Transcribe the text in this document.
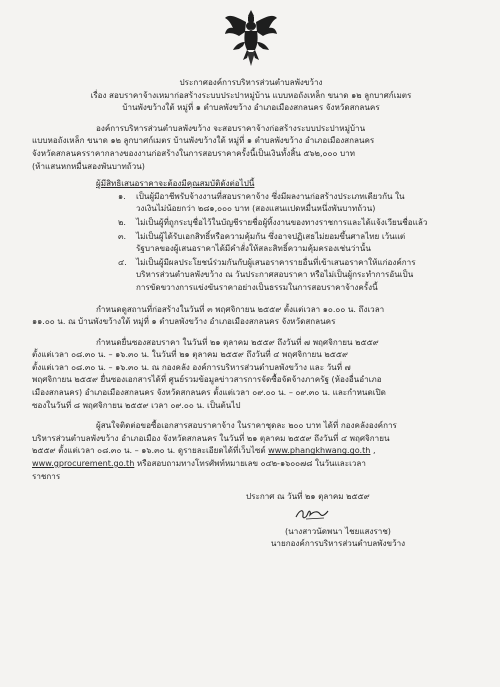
ประกาศองค์การบริหารส่วนตำบลพังขว้าง

เรื่อง สอบราคาจ้างเหมาก่อสร้างระบบประปาหมู่บ้าน แบบหอถังเหล็ก ขนาด ๑๒ ลูกบาศก์เมตร

บ้านพังขว้างใต้ หมู่ที่ ๑ ตำบลพังขว้าง อำเภอเมืองสกลนคร จังหวัดสกลนคร

องค์การบริหารส่วนตำบลพังขว้าง จะสอบราคาจ้างก่อสร้างระบบประปาหมู่บ้าน

แบบหอถังเหล็ก ขนาด ๑๒ ลูกบาศก์เมตร บ้านพังขว้างใต้ หมู่ที่ ๑ ตำบลพังขว้าง อำเภอเมืองสกลนคร

จังหวัดสกลนครราคากลางของงานก่อสร้างในการสอบราคาครั้งนี้เป็นเงินทั้งสิ้น ๕๖๒,๐๐๐ บาท

(ห้าแสนหกหมื่นสองพันบาทถ้วน)

ผู้มีสิทธิเสนอราคาจะต้องมีคุณสมบัติดังต่อไปนี้

๑. เป็นผู้มีอาชีพรับจ้างงานที่สอบราคาจ้าง ซึ่งมีผลงานก่อสร้างประเภทเดียวกัน ใน

วงเงินไม่น้อยกว่า ๒๘๑,๐๐๐ บาท (สองแสนแปดหมื่นหนึ่งพันบาทถ้วน)

๒. ไม่เป็นผู้ที่ถูกระบุชื่อไว้ในบัญชีรายชื่อผู้ทิ้งงานของทางราชการและได้แจ้งเวียนชื่อแล้ว

๓. ไม่เป็นผู้ได้รับเอกสิทธิ์หรือความคุ้มกัน ซึ่งอาจปฏิเสธไม่ยอมขึ้นศาลไทย เว้นแต่

รัฐบาลของผู้เสนอราคาได้มีคำสั่งให้สละสิทธิ์ความคุ้มครองเช่นว่านั้น

๔. ไม่เป็นผู้มีผลประโยชน์ร่วมกันกับผู้เสนอราคารายอื่นที่เข้าเสนอราคาให้แก่องค์การ

บริหารส่วนตำบลพังขว้าง ณ วันประกาศสอบราคา หรือไม่เป็นผู้กระทำการอันเป็น

การขัดขวางการแข่งขันราคาอย่างเป็นธรรมในการสอบราคาจ้างครั้งนี้

กำหนดดูสถานที่ก่อสร้างในวันที่ ๓ พฤศจิกายน ๒๕๕๙ ตั้งแต่เวลา ๑๐.๐๐ น. ถึงเวลา

๑๑.๐๐ น. ณ บ้านพังขว้างใต้ หมู่ที่ ๑ ตำบลพังขว้าง อำเภอเมืองสกลนคร จังหวัดสกลนคร

กำหนดยื่นซองสอบราคา ในวันที่ ๒๑ ตุลาคม ๒๕๕๙ ถึงวันที่ ๗ พฤศจิกายน ๒๕๕๙

ตั้งแต่เวลา ๐๘.๓๐ น. – ๑๖.๓๐ น. ในวันที่ ๒๑ ตุลาคม ๒๕๕๙ ถึงวันที่ ๔ พฤศจิกายน ๒๕๕๙

ตั้งแต่เวลา ๐๘.๓๐ น. – ๑๖.๓๐ น. ณ กองคลัง องค์การบริหารส่วนตำบลพังขว้าง และ วันที่ ๗

พฤศจิกายน ๒๕๕๙ ยื่นซองเอกสารได้ที่ ศูนย์รวมข้อมูลข่าวสารการจัดซื้อจัดจ้างภาครัฐ (ห้องอื่นอำเภอ

เมืองสกลนคร) อำเภอเมืองสกลนคร จังหวัดสกลนคร ตั้งแต่เวลา ๐๙.๐๐ น. – ๐๙.๓๐ น. และกำหนดเปิด

ซองในวันที่ ๘ พฤศจิกายน ๒๕๕๙ เวลา ๐๙.๐๐ น. เป็นต้นไป

ผู้สนใจติดต่อขอซื้อเอกสารสอบราคาจ้าง ในราคาชุดละ ๒๐๐ บาท ได้ที่ กองคลังองค์การ

บริหารส่วนตำบลพังขว้าง อำเภอเมือง จังหวัดสกลนคร ในวันที่ ๒๑ ตุลาคม ๒๕๕๙ ถึงวันที่ ๔ พฤศจิกายน

๒๕๕๙ ตั้งแต่เวลา ๐๘.๓๐ น. – ๑๖.๓๐ น. ดูรายละเอียดได้ที่เว็บไซต์ www.phangkhwang.go.th ,

www.gprocurement.go.th หรือสอบถามทางโทรศัพท์หมายเลข ๐๔๒-๑๖๐๐๗๘ ในวันและเวลา

ราชการ

ประกาศ ณ วันที่ ๒๑ ตุลาคม ๒๕๕๙

(นางสาวนัดพนา ไชยแสงราช)

นายกองค์การบริหารส่วนตำบลพังขว้าง
